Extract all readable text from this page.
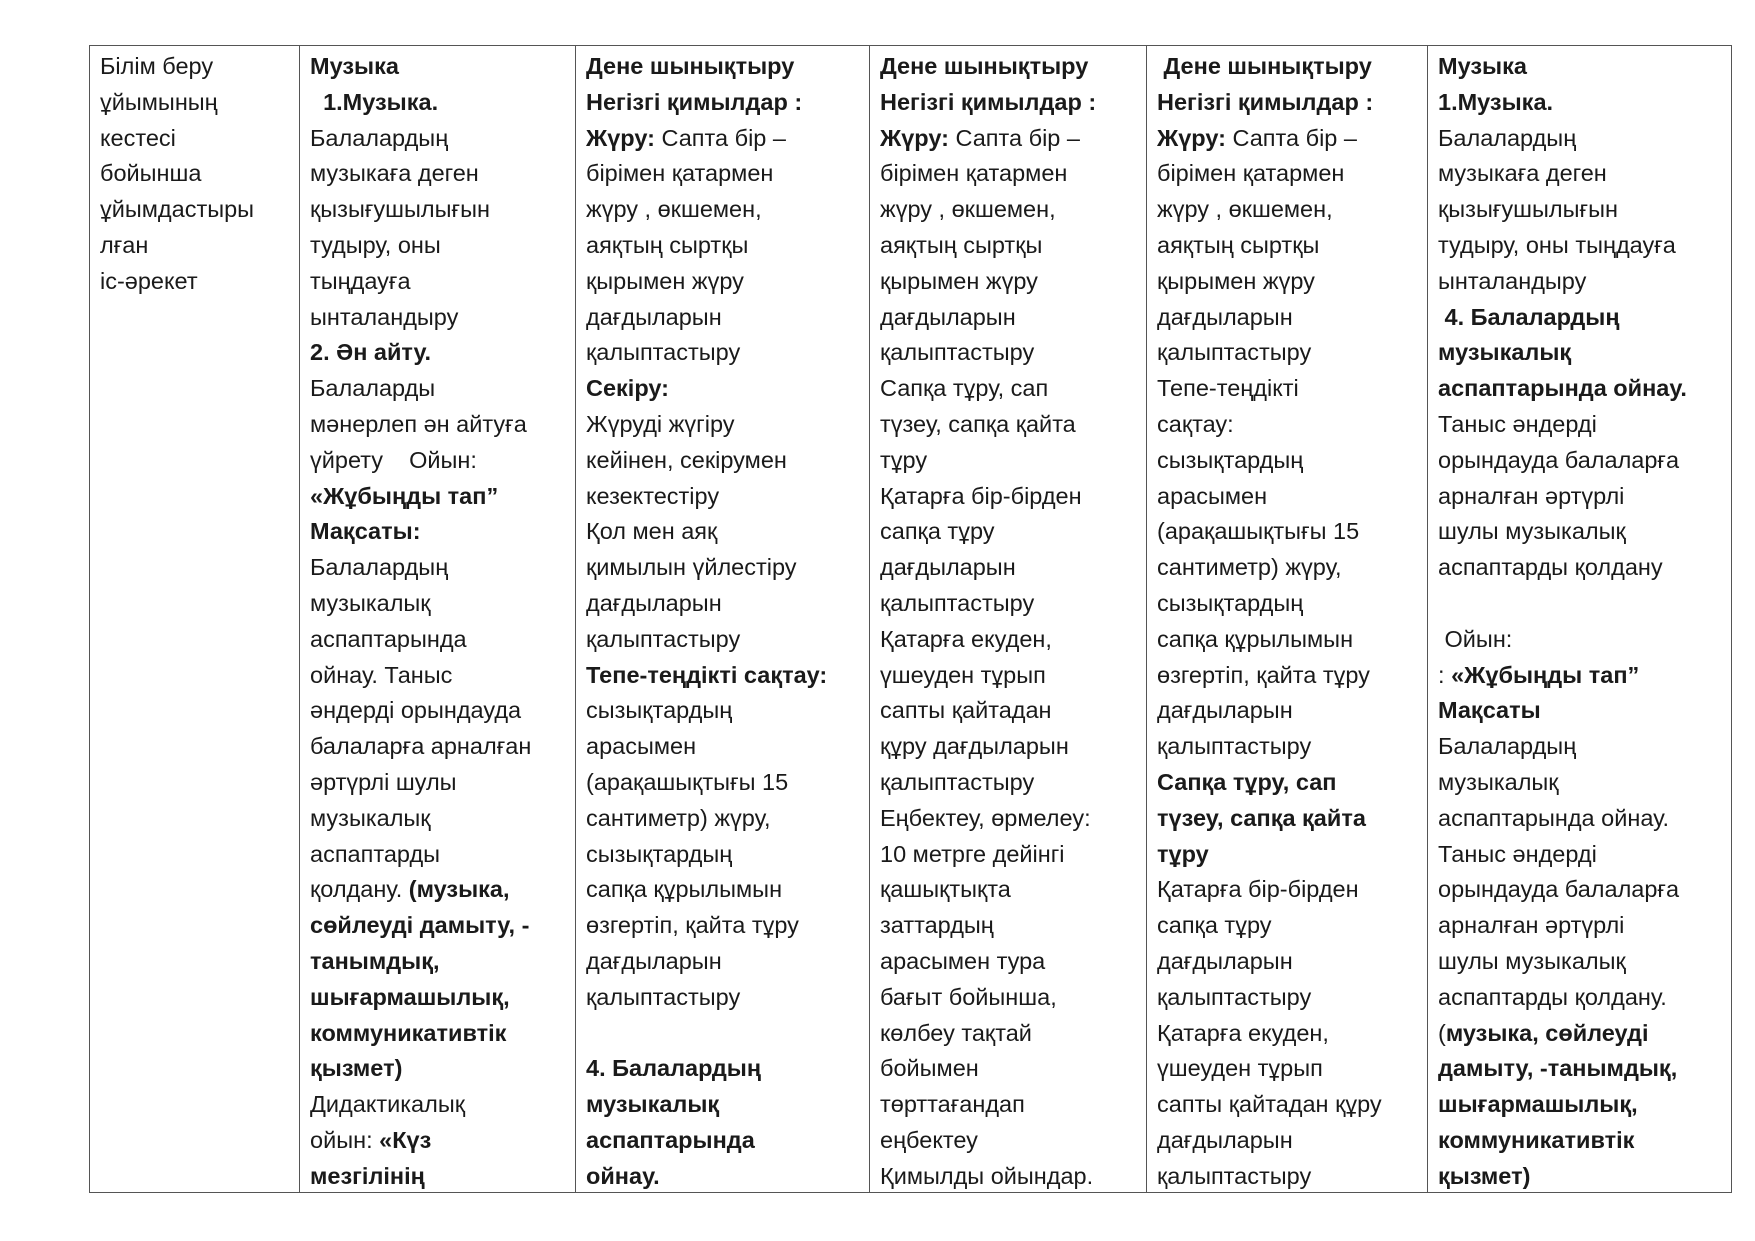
Білім беру
ұйымының
кестесі
бойынша
ұйымдастыры
лған
іс-әрекет

Музыка
1.Музыка.
Балалардың
музыкаға деген
қызығушылығын
тудыру, оны
тыңдауға
ынталандыру
2. Ән айту.
Балаларды
мәнерлеп ән айтуға
үйрету    Ойын:
«Жұбыңды тап”
Мақсаты:
Балалардың
музыкалық
аспаптарында
ойнау. Таныс
әндерді орындауда
балаларға арналған
әртүрлі шулы
музыкалық
аспаптарды
қолдану. (музыка,
сөйлеуді дамыту, -
танымдық,
шығармашылық,
коммуникативтік
қызмет)
Дидактикалық
ойын: «Күз
мезгілінің

Дене шынықтыру
Негізгі қимылдар :
Жүру: Сапта бір –
бірімен қатармен
жүру , өкшемен,
аяқтың сыртқы
қырымен жүру
дағдыларын
қалыптастыру
Секіру:
Жүруді жүгіру
кейінен, секірумен
кезектестіру
Қол мен аяқ
қимылын үйлестіру
дағдыларын
қалыптастыру
Тепе-теңдікті сақтау:
сызықтардың
арасымен
(арақашықтығы 15
сантиметр) жүру,
сызықтардың
сапқа құрылымын
өзгертіп, қайта тұру
дағдыларын
қалыптастыру

4. Балалардың
музыкалық
аспаптарында
ойнау.

Дене шынықтыру
Негізгі қимылдар :
Жүру: Сапта бір –
бірімен қатармен
жүру , өкшемен,
аяқтың сыртқы
қырымен жүру
дағдыларын
қалыптастыру
Сапқа тұру, сап
түзеу, сапқа қайта
тұру
Қатарға бір-бірден
сапқа тұру
дағдыларын
қалыптастыру
Қатарға екуден,
үшеуден тұрып
сапты қайтадан
құру дағдыларын
қалыптастыру
Еңбектеу, өрмелеу:
10 метрге дейінгі
қашықтықта
заттардың
арасымен тура
бағыт бойынша,
көлбеу тақтай
бойымен
төрттағандап
еңбектеу
Қимылды ойындар.

Дене шынықтыру
Негізгі қимылдар :
Жүру: Сапта бір –
бірімен қатармен
жүру , өкшемен,
аяқтың сыртқы
қырымен жүру
дағдыларын
қалыптастыру
Тепе-теңдікті
сақтау:
сызықтардың
арасымен
(арақашықтығы 15
сантиметр) жүру,
сызықтардың
сапқа құрылымын
өзгертіп, қайта тұру
дағдыларын
қалыптастыру
Сапқа тұру, сап
түзеу, сапқа қайта
тұру
Қатарға бір-бірден
сапқа тұру
дағдыларын
қалыптастыру
Қатарға екуден,
үшеуден тұрып
сапты қайтадан құру
дағдыларын
қалыптастыру

Музыка
1.Музыка.
Балалардың
музыкаға деген
қызығушылығын
тудыру, оны тыңдауға
ынталандыру
4. Балалардың
музыкалық
аспаптарында ойнау.
Таныс әндерді
орындауда балаларға
арналған әртүрлі
шулы музыкалық
аспаптарды қолдану

Ойын:
: «Жұбыңды тап”
Мақсаты
Балалардың
музыкалық
аспаптарында ойнау.
Таныс әндерді
орындауда балаларға
арналған әртүрлі
шулы музыкалық
аспаптарды қолдану.
(музыка, сөйлеуді
дамыту, -танымдық,
шығармашылық,
коммуникативтік
қызмет)
